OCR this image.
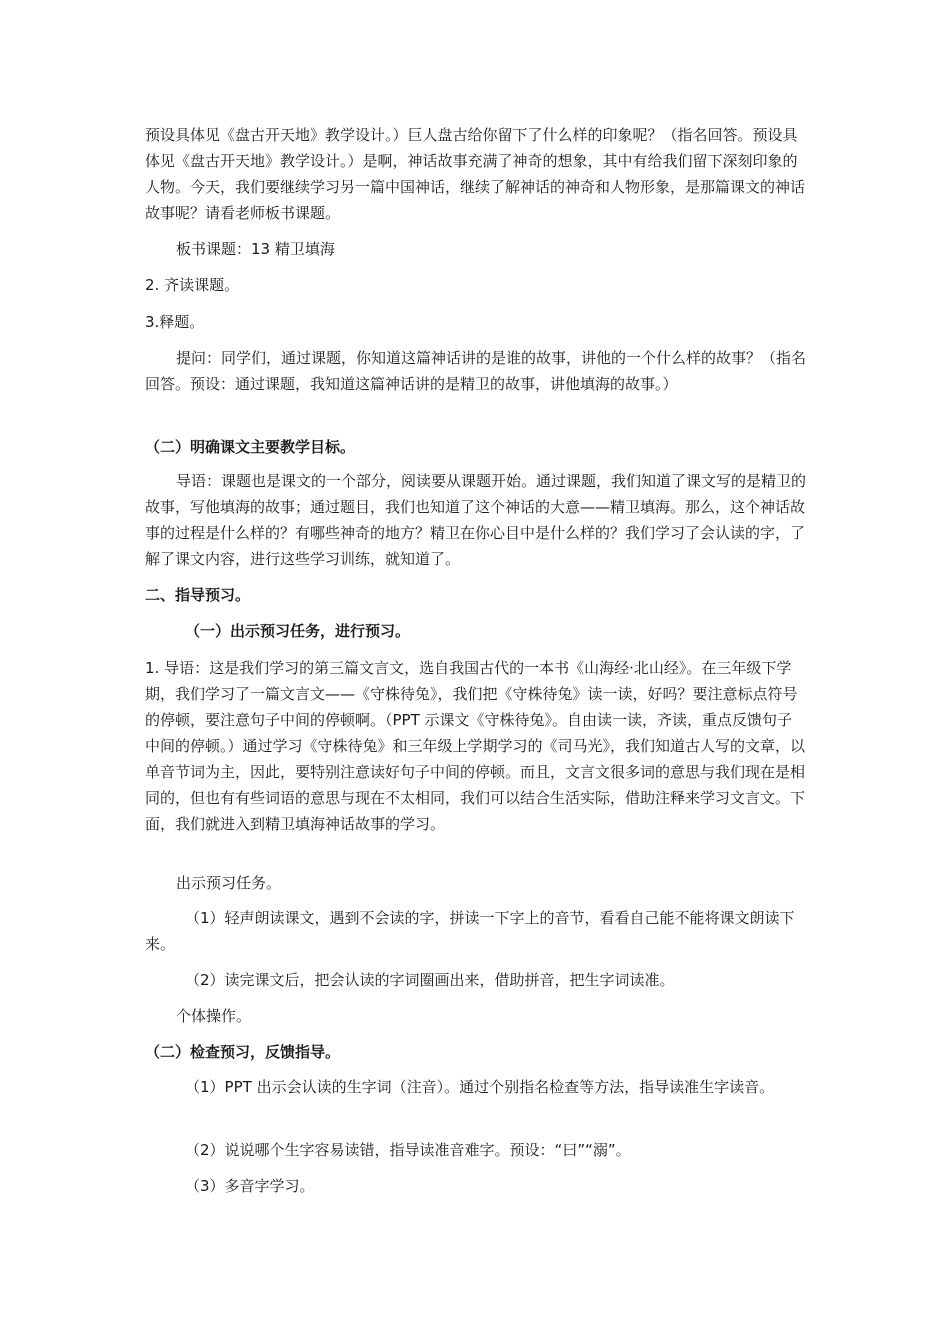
预设具体见《盘古开天地》教学设计。）巨人盘古给你留下了什么样的印象呢？（指名回答。预设具体见《盘古开天地》教学设计。）是啊，神话故事充满了神奇的想象，其中有给我们留下深刻印象的人物。今天，我们要继续学习另一篇中国神话，继续了解神话的神奇和人物形象，是那篇课文的神话故事呢？请看老师板书课题。

板书课题：13 精卫填海

2. 齐读课题。

3.释题。

提问：同学们，通过课题，你知道这篇神话讲的是谁的故事，讲他的一个什么样的故事？（指名回答。预设：通过课题，我知道这篇神话讲的是精卫的故事，讲他填海的故事。）

（二）明确课文主要教学目标。

导语：课题也是课文的一个部分，阅读要从课题开始。通过课题，我们知道了课文写的是精卫的故事，写他填海的故事；通过题目，我们也知道了这个神话的大意——精卫填海。那么，这个神话故事的过程是什么样的？有哪些神奇的地方？精卫在你心目中是什么样的？我们学习了会认读的字，了解了课文内容，进行这些学习训练，就知道了。

二、指导预习。

（一）出示预习任务，进行预习。

1. 导语：这是我们学习的第三篇文言文，选自我国古代的一本书《山海经·北山经》。在三年级下学期，我们学习了一篇文言文——《守株待兔》，我们把《守株待兔》读一读，好吗？要注意标点符号的停顿，要注意句子中间的停顿啊。（PPT 示课文《守株待兔》。自由读一读，齐读，重点反馈句子中间的停顿。）通过学习《守株待兔》和三年级上学期学习的《司马光》，我们知道古人写的文章，以单音节词为主，因此，要特别注意读好句子中间的停顿。而且，文言文很多词的意思与我们现在是相同的，但也有有些词语的意思与现在不太相同，我们可以结合生活实际，借助注释来学习文言文。下面，我们就进入到精卫填海神话故事的学习。

出示预习任务。

（1）轻声朗读课文，遇到不会读的字，拼读一下字上的音节，看看自己能不能将课文朗读下来。

（2）读完课文后，把会认读的字词圈画出来，借助拼音，把生字词读准。

个体操作。

（二）检查预习，反馈指导。

（1）PPT 出示会认读的生字词（注音）。通过个别指名检查等方法，指导读准生字读音。

（2）说说哪个生字容易读错，指导读准音难字。预设：“曰”“溺”。

（3）多音字学习。
